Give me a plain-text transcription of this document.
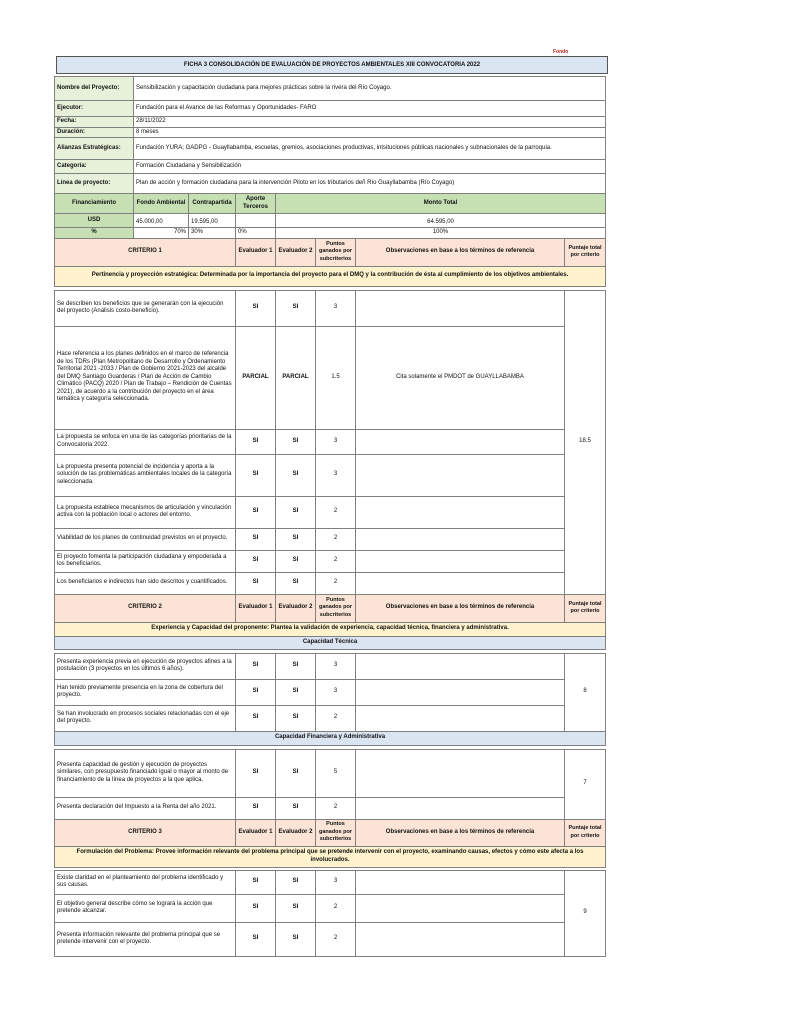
Fondo
FICHA 3 CONSOLIDACIÓN DE EVALUACIÓN DE PROYECTOS AMBIENTALES XIII CONVOCATORIA 2022
Nombre del Proyecto:	Sensibilización y capacitación ciudadana para mejores prácticas sobre la rivera del Río Coyago.						
Ejecutor:	Fundación para el Avance de las Reformas y Oportunidades- FARO						
Fecha:	28/11/2022						
Duración:	8 meses						
Alianzas Estratégicas:	Fundación YURA; GADPG - Guayllabamba, escuelas, gremios, asociaciones productivas, intsituciones públicas nacionales y subnacionales de la parroquia.						
Categoría:	Formación Ciudadana y Sensibilización						
Línea de proyecto:	Plan de acción y formación ciudadana para la intervención Piloto en los tributarios deñ Río Guayllabamba (Río Coyago)						
Financiamiento	Fondo Ambiental	Contrapartida	Aporte Terceros	Monto Total			
USD	45.000,00	19.595,00		64.595,00			
%	70%	30%	0%	100%			
CRITERIO 1			Evaluador 1	Evaluador 2	Puntos ganados por subcriterios	Observaciones en base a los términos de referencia	Puntaje total por criterio
Pertinencia y proyección estratégica: Determinada por la importancia del proyecto para el DMQ y la contribución de ésta al cumplimiento de los objetivos ambientales.							

Se describen los beneficios que se generarán con la ejecución del proyecto (Análisis costo-beneficio).			SI	SI	3		18.5
Hace referencia a los planes definidos en el marco de referencia de los TDRs (Plan Metropolitano de Desarrollo y Ordenamiento Territorial 2021 -2033 / Plan de Gobierno 2021-2023 del alcalde del DMQ Santiago Guarderas / Plan de Acción de Cambio Climático (PACQ) 2020 / Plan de Trabajo – Rendición de Cuentas 2021), de acuerdo a la contribución del proyecto en el área temática y categoría seleccionada.			PARCIAL	PARCIAL	1.5	Cita solamente el PMDOT de GUAYLLABAMBA	
La propuesta se enfoca en una de las categorías prioritarias de la Convocatoria 2022.			SI	SI	3		
La propuesta presenta potencial de incidencia y aporta a la solución de las problemáticas ambientales locales de la categoría seleccionada.			SI	SI	3		
La propuesta establece mecanismos de articulación y vinculación activa con la población local o actores del entorno.			SI	SI	2		
Viabilidad de los planes de continuidad previstos en el proyecto.			SI	SI	2		
El proyecto fomenta la participación ciudadana y empoderada a los beneficiarios.			SI	SI	2		
Los beneficiarios e indirectos han sido descritos y cuantificados.			SI	SI	2		
CRITERIO 2			Evaluador 1	Evaluador 2	Puntos ganados por subcriterios	Observaciones en base a los términos de referencia	Puntaje total por criterio
Experiencia y Capacidad del proponente: Plantea la validación de experiencia, capacidad técnica, financiera y administrativa.							
Capacidad Técnica							

Presenta experiencia previa en ejecución de proyectos afines a la postulación (3 proyectos en los últimos 6 años).			SI	SI	3		8
Han tenido previamente presencia en la zona de cobertura del proyecto.			SI	SI	3		
Se han involucrado en procesos sociales relacionadas con el eje del proyecto.			SI	SI	2		
Capacidad Financiera y Administrativa							

Presenta capacidad de gestión y ejecución de proyectos similares, con presupuesto financiado igual o mayor al monto de financiamiento de la línea de proyectos a la que aplica.			SI	SI	5		7
Presenta declaración del Impuesto a la Renta del año 2021.			SI	SI	2		
CRITERIO 3			Evaluador 1	Evaluador 2	Puntos ganados por subcriterios	Observaciones en base a los términos de referencia	Puntaje total por criterio
Formulación del Problema: Provee información relevante del problema principal que se pretende intervenir con el proyecto, examinando causas, efectos y cómo este afecta a los involucrados.							

Existe claridad en el planteamiento del problema identificado y sus causas.			SI	SI	3		9
El objetivo general describe cómo se logrará la acción que pretende alcanzar.			SI	SI	2		
Presenta información relevante del problema principal que se pretende intervenir con el proyecto.			SI	SI	2		
